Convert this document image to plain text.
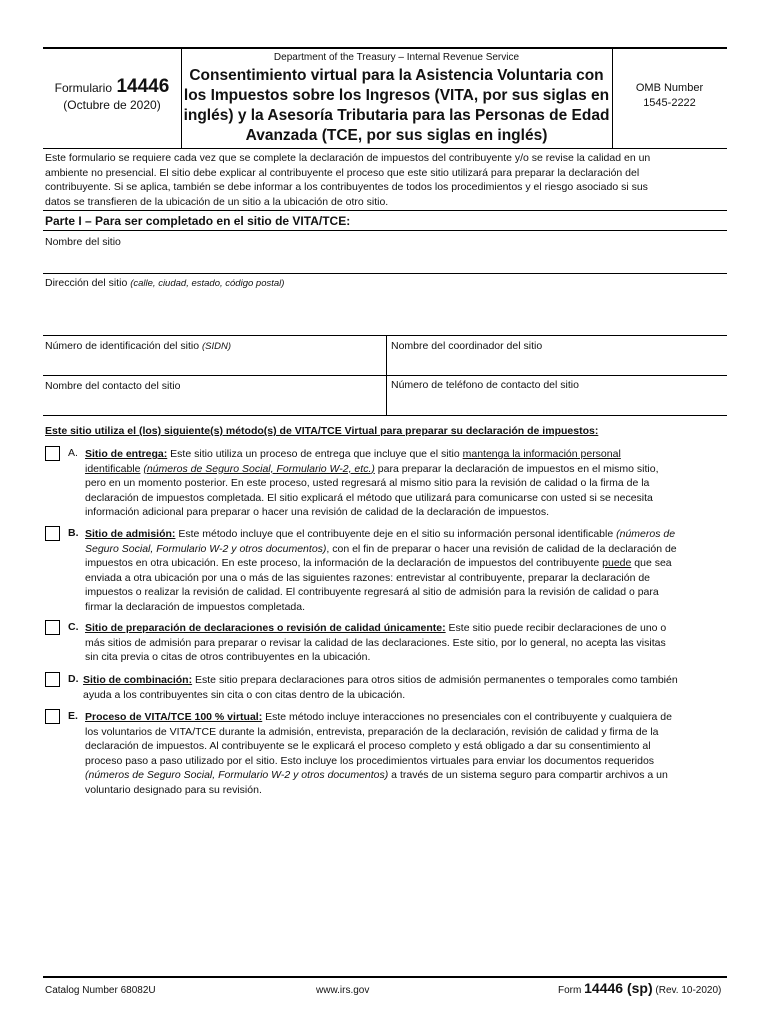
Formulario 14446
(Octubre de 2020)
Department of the Treasury – Internal Revenue Service
Consentimiento virtual para la Asistencia Voluntaria con
los Impuestos sobre los Ingresos (VITA, por sus siglas en
inglés) y la Asesoría Tributaria para las Personas de Edad
Avanzada (TCE, por sus siglas en inglés)
OMB Number
1545-2222
Este formulario se requiere cada vez que se complete la declaración de impuestos del contribuyente y/o se revise la calidad en un
ambiente no presencial. El sitio debe explicar al contribuyente el proceso que este sitio utilizará para preparar la declaración del
contribuyente. Si se aplica, también se debe informar a los contribuyentes de todos los procedimientos y el riesgo asociado si sus
datos se transfieren de la ubicación de un sitio a la ubicación de otro sitio.
Parte I – Para ser completado en el sitio de VITA/TCE:
Nombre del sitio
Dirección del sitio (calle, ciudad, estado, código postal)
Número de identificación del sitio (SIDN)	Nombre del coordinador del sitio
Nombre del contacto del sitio	Número de teléfono de contacto del sitio
Este sitio utiliza el (los) siguiente(s) método(s) de VITA/TCE Virtual para preparar su declaración de impuestos:
A. Sitio de entrega: Este sitio utiliza un proceso de entrega que incluye que el sitio mantenga la información personal
identificable (números de Seguro Social, Formulario W-2, etc.) para preparar la declaración de impuestos en el mismo sitio,
pero en un momento posterior. En este proceso, usted regresará al mismo sitio para la revisión de calidad o la firma de la
declaración de impuestos completada. El sitio explicará el método que utilizará para comunicarse con usted si se necesita
información adicional para preparar o hacer una revisión de calidad de la declaración de impuestos.
B. Sitio de admisión: Este método incluye que el contribuyente deje en el sitio su información personal identificable (números de
Seguro Social, Formulario W-2 y otros documentos), con el fin de preparar o hacer una revisión de calidad de la declaración de
impuestos en otra ubicación. En este proceso, la información de la declaración de impuestos del contribuyente puede que sea
enviada a otra ubicación por una o más de las siguientes razones: entrevistar al contribuyente, preparar la declaración de
impuestos o realizar la revisión de calidad. El contribuyente regresará al sitio de admisión para la revisión de calidad o para
firmar la declaración de impuestos completada.
C. Sitio de preparación de declaraciones o revisión de calidad únicamente: Este sitio puede recibir declaraciones de uno o
más sitios de admisión para preparar o revisar la calidad de las declaraciones. Este sitio, por lo general, no acepta las visitas
sin cita previa o citas de otros contribuyentes en la ubicación.
D. Sitio de combinación: Este sitio prepara declaraciones para otros sitios de admisión permanentes o temporales como también
ayuda a los contribuyentes sin cita o con citas dentro de la ubicación.
E. Proceso de VITA/TCE 100 % virtual: Este método incluye interacciones no presenciales con el contribuyente y cualquiera de
los voluntarios de VITA/TCE durante la admisión, entrevista, preparación de la declaración, revisión de calidad y firma de la
declaración de impuestos. Al contribuyente se le explicará el proceso completo y está obligado a dar su consentimiento al
proceso paso a paso utilizado por el sitio. Esto incluye los procedimientos virtuales para enviar los documentos requeridos
(números de Seguro Social, Formulario W-2 y otros documentos) a través de un sistema seguro para compartir archivos a un
voluntario designado para su revisión.
Catalog Number 68082U	www.irs.gov	Form 14446 (sp) (Rev. 10-2020)
